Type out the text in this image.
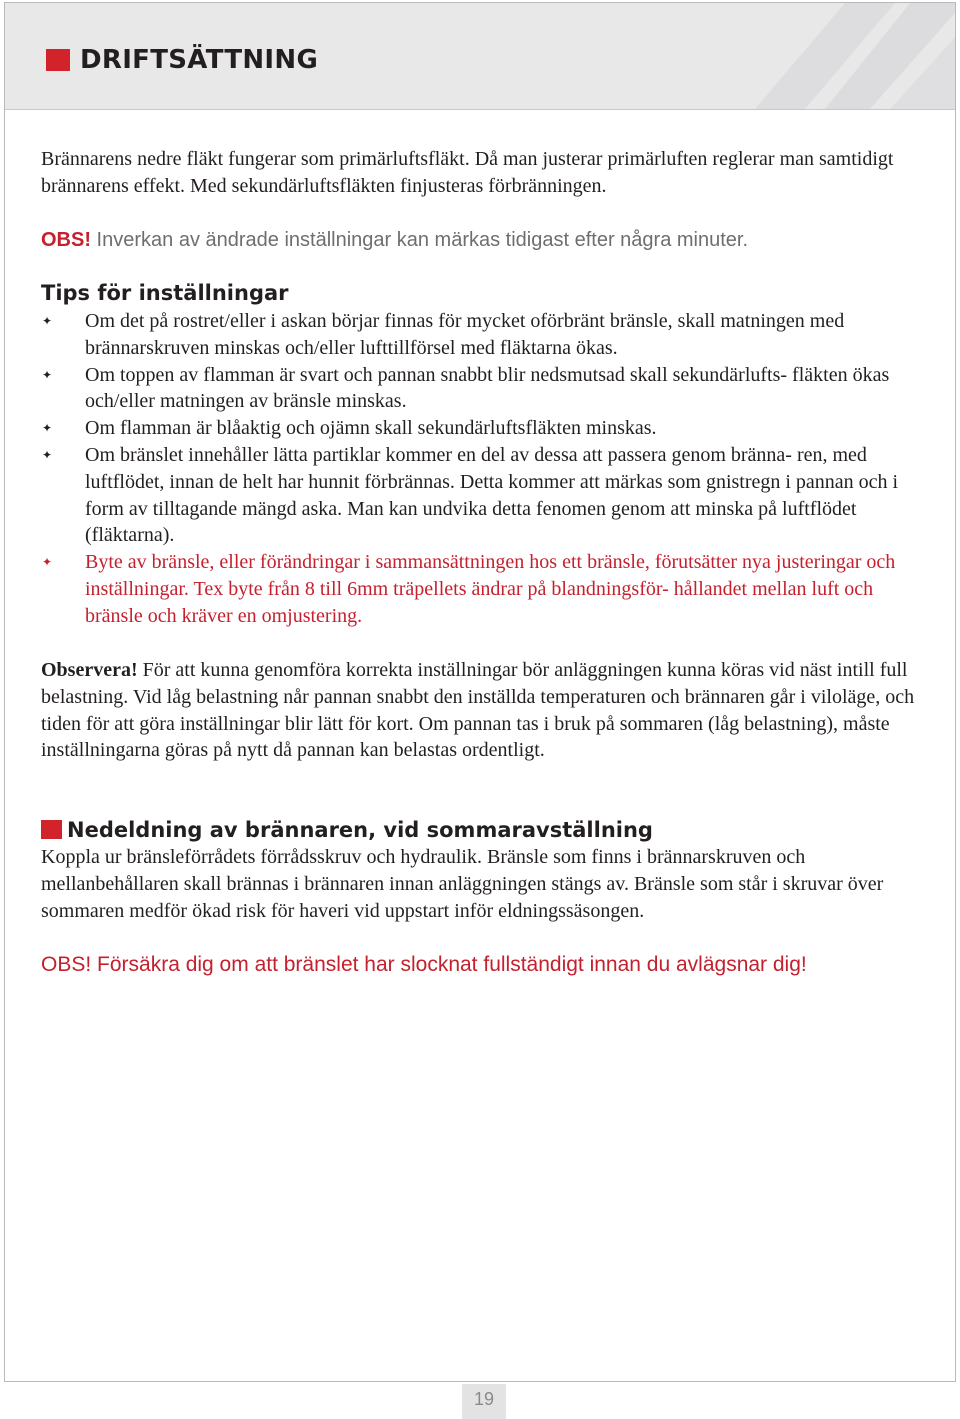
DRIFTSÄTTNING
Brännarens nedre fläkt fungerar som primärluftsfläkt. Då man justerar primärluften reglerar man samtidigt brännarens effekt. Med sekundärluftsfläkten finjusteras förbränningen.
OBS! Inverkan av ändrade inställningar kan märkas tidigast efter några minuter.
Tips för inställningar
✦ Om det på rostret/eller i askan börjar finnas för mycket oförbränt bränsle, skall matningen med brännarskruven minskas och/eller lufttillförsel med fläktarna ökas.
✦ Om toppen av flamman är svart och pannan snabbt blir nedsmutsad skall sekundärlufts- fläkten ökas och/eller matningen av bränsle minskas.
✦ Om flamman är blåaktig och ojämn skall sekundärluftsfläkten minskas.
✦ Om bränslet innehåller lätta partiklar kommer en del av dessa att passera genom bränna- ren, med luftflödet, innan de helt har hunnit förbrännas. Detta kommer att märkas som gnistregn i pannan och i form av tilltagande mängd aska. Man kan undvika detta fenomen genom att minska på luftflödet (fläktarna).
✦ Byte av bränsle, eller förändringar i sammansättningen hos ett bränsle, förutsätter nya justeringar och inställningar. Tex byte från 8 till 6mm träpellets ändrar på blandningsför- hållandet mellan luft och bränsle och kräver en omjustering.
Observera! För att kunna genomföra korrekta inställningar bör anläggningen kunna köras vid näst intill full belastning. Vid låg belastning når pannan snabbt den inställda temperaturen och brännaren går i viloläge, och tiden för att göra inställningar blir lätt för kort. Om pannan tas i bruk på sommaren (låg belastning), måste inställningarna göras på nytt då pannan kan belastas ordentligt.
Nedeldning av brännaren, vid sommaravställning
Koppla ur bränsleförrådets förrådsskruv och hydraulik. Bränsle som finns i brännarskruven och mellanbehållaren skall brännas i brännaren innan anläggningen stängs av. Bränsle som står i skruvar över sommaren medför ökad risk för haveri vid uppstart inför eldningssäsongen.
OBS! Försäkra dig om att bränslet har slocknat fullständigt innan du avlägsnar dig!
19
